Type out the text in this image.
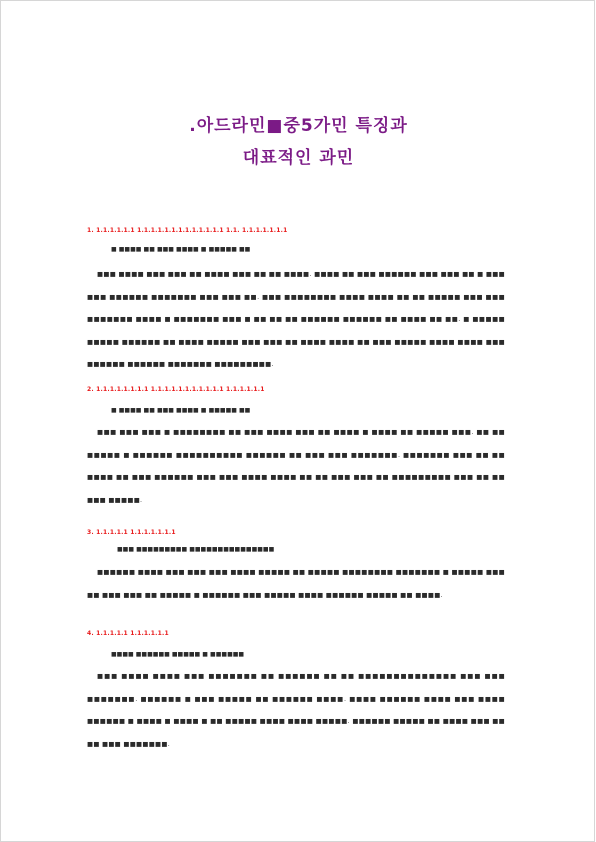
.아드라민■중5가민 특징과
대표적인 과민
1. 1.1.1.1.1.1 1.1.1.1.1.1.1.1.1.1.1.1.1 1.1. 1.1.1.1.1.1.1
■ ■■■■ ■■ ■■■ ■■■■ ■ ■■■■■ ■■
■■■ ■■■■ ■■■ ■■■ ■■ ■■■■ ■■■ ■■ ■■ ■■■■. ■■■■ ■■ ■■■ ■■■■■■ ■■■ ■■■ ■■ ■ ■■■ ■■■ ■■■■■■ ■■■■■■■ ■■■ ■■■ ■■. ■■■ ■■■■■■■■ ■■■■ ■■■■ ■■ ■■ ■■■■■ ■■■ ■■■ ■■■■■■■ ■■■■ ■ ■■■■■■■ ■■■ ■ ■■ ■■ ■■ ■■■■■■ ■■■■■■ ■■ ■■■■ ■■ ■■. ■ ■■■■■ ■■■■■ ■■■■■■ ■■ ■■■■ ■■■■■ ■■■ ■■■ ■■ ■■■■ ■■■■ ■■ ■■■ ■■■■■ ■■■■ ■■■■ ■■■ ■■■■■■ ■■■■■■ ■■■■■■■ ■■■■■■■■■.
2. 1.1.1.1.1.1.1.1 1.1.1.1.1.1.1.1.1.1.1 1.1.1.1.1.1
■ ■■■■ ■■ ■■■ ■■■■ ■ ■■■■■ ■■
■■■ ■■■ ■■■ ■ ■■■■■■■■ ■■ ■■■ ■■■■ ■■■ ■■ ■■■■ ■ ■■■■ ■■ ■■■■■ ■■■. ■■ ■■ ■■■■■ ■ ■■■■■■ ■■■■■■■■■■ ■■■■■■ ■■ ■■■ ■■■ ■■■■■■■. ■■■■■■■ ■■■ ■■ ■■ ■■■■ ■■ ■■■ ■■■■■■ ■■■ ■■■ ■■■■ ■■■■ ■■ ■■ ■■■ ■■■ ■■ ■■■■■■■■■ ■■■ ■■ ■■ ■■■ ■■■■■.
3. 1.1.1.1.1 1.1.1.1.1.1.1
■■■ ■■■■■■■■■ ■■■■■■■■■■■■■■■
■■■■■■ ■■■■ ■■■ ■■■ ■■■ ■■■■ ■■■■■ ■■ ■■■■■ ■■■■■■■■ ■■■■■■■ ■ ■■■■■ ■■■ ■■ ■■■ ■■■ ■■ ■■■■■ ■ ■■■■■■ ■■■ ■■■■■ ■■■■ ■■■■■■ ■■■■■ ■■ ■■■■.
4. 1.1.1.1.1 1.1.1.1.1.1
■■■■ ■■■■■■ ■■■■■ ■ ■■■■■■
■■■ ■■■■ ■■■■ ■■■ ■■■■■■■ ■■ ■■■■■■ ■■ ■■ ■■■■■■■■■■■■■■ ■■■ ■■■ ■■■■■■■. ■■■■■■ ■ ■■■ ■■■■■ ■■ ■■■■■■ ■■■■. ■■■■ ■■■■■■ ■■■■ ■■■ ■■■■ ■■■■■■ ■ ■■■■ ■ ■■■■ ■ ■■ ■■■■■ ■■■■ ■■■■ ■■■■■. ■■■■■■ ■■■■■ ■■ ■■■■ ■■■ ■■ ■■ ■■■ ■■■■■■■.
